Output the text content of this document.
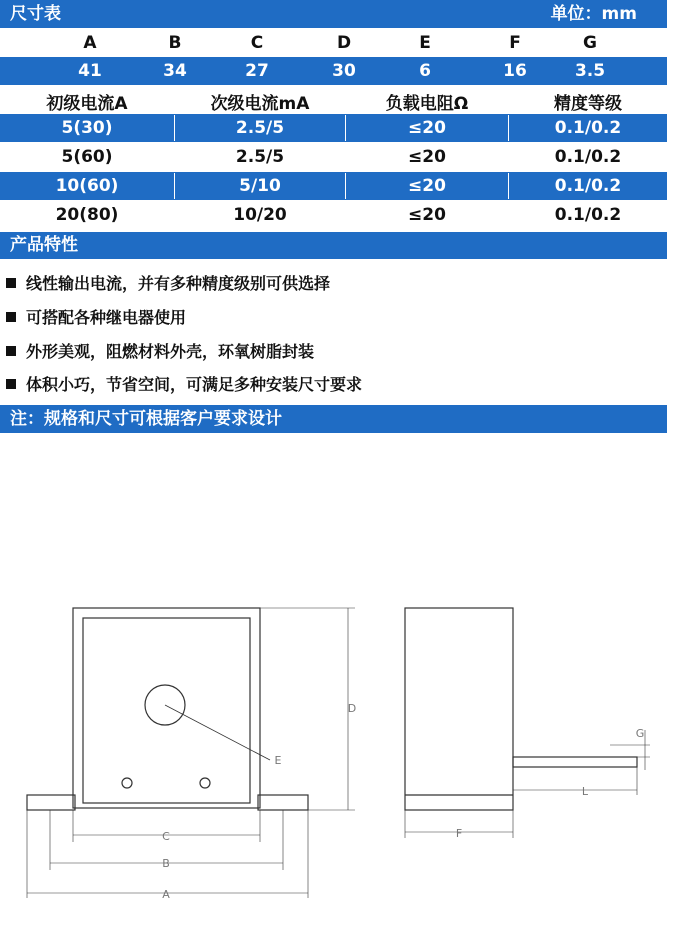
尺寸表	单位：mm
A	B	C	D	E	F	G
41	34	27	30	6	16	3.5
初级电流A	次级电流mA	负载电阻Ω	精度等级
5(30)	2.5/5	≤20	0.1/0.2
5(60)	2.5/5	≤20	0.1/0.2
10(60)	5/10	≤20	0.1/0.2
20(80)	10/20	≤20	0.1/0.2
产品特性
线性输出电流，并有多种精度级别可供选择
可搭配各种继电器使用
外形美观，阻燃材料外壳，环氧树脂封装
体积小巧，节省空间，可满足多种安装尺寸要求
注：规格和尺寸可根据客户要求设计
D
E
C
B
A
F
L
G
